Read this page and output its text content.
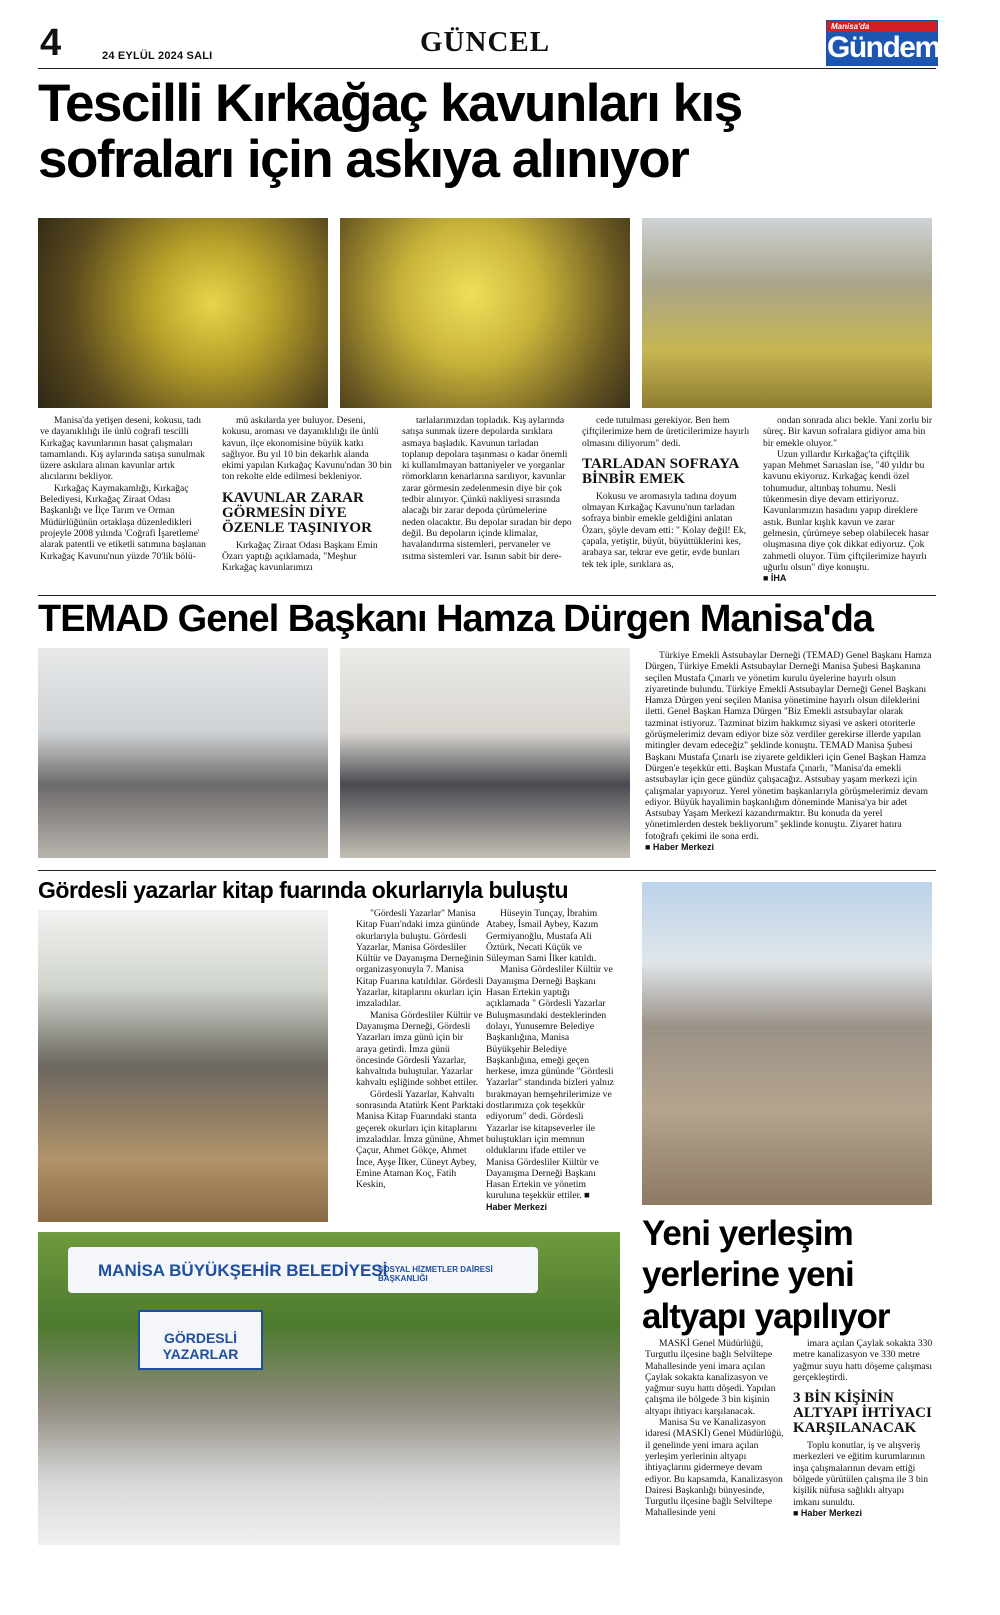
4	24 EYLÜL 2024 SALI	GÜNCEL	Manisa'da
Gündem
Tescilli Kırkağaç kavunları kış sofraları için askıya alınıyor

Manisa'da yetişen deseni, kokusu, tadı ve dayanıklılığı ile ünlü coğrafi tescilli Kırkağaç kavunlarının hasat çalışmaları tamamlandı. Kış aylarında satışa sunulmak üzere askılara alınan kavunlar artık alıcılarını bekliyor.

Kırkağaç Kaymakamlığı, Kırkağaç Belediyesi, Kırkağaç Ziraat Odası Başkanlığı ve İlçe Tarım ve Orman Müdürlüğünün ortaklaşa düzenledikleri projeyle 2008 yılında 'Coğrafi İşaretleme' alarak patentli ve etiketli satımına başlanan Kırkağaç Kavunu'nun yüzde 70'lik bölü-

mü askılarda yer buluyor. Deseni, kokusu, aroması ve dayanıklılığı ile ünlü kavun, ilçe ekonomisine büyük katkı sağlıyor. Bu yıl 10 bin dekarlık alanda ekimi yapılan Kırkağaç Kavunu'ndan 30 bin ton rekolte elde edilmesi bekleniyor.

KAVUNLAR ZARAR GÖRMESİN DİYE ÖZENLE TAŞINIYOR

Kırkağaç Ziraat Odası Başkanı Emin Özarı yaptığı açıklamada, "Meşhur Kırkağaç kavunlarımızı

tarlalarımızdan topladık. Kış aylarında satışa sunmak üzere depolarda sırıklara asmaya başladık. Kavunun tarladan toplanıp depolara taşınması o kadar önemli ki kullanılmayan battaniyeler ve yorganlar römorkların kenarlarına sarılıyor, kavunlar zarar görmesin zedelenmesin diye bir çok tedbir alınıyor. Çünkü nakliyesi sırasında alacağı bir zarar depoda çürümelerine neden olacaktır. Bu depolar sıradan bir depo değil. Bu depoların içinde klimalar, havalandırma sistemleri, pervaneler ve ısıtma sistemleri var. Isının sabit bir dere-

cede tutulması gerekiyor. Ben hem çiftçilerimize hem de üreticilerimize hayırlı olmasını diliyorum" dedi.

TARLADAN SOFRAYA BİNBİR EMEK

Kokusu ve aromasıyla tadına doyum olmayan Kırkağaç Kavunu'nun tarladan sofraya binbir emekle geldiğini anlatan Özarı, şöyle devam etti: " Kolay değil! Ek, çapala, yetiştir, büyüt, büyüttüklerini kes, arabaya sar, tekrar eve getir, evde bunları tek tek iple, sırıklara as,

ondan sonrada alıcı bekle. Yani zorlu bir süreç. Bir kavun sofralara gidiyor ama bin bir emekle oluyor."

Uzun yıllardır Kırkağaç'ta çiftçilik yapan Mehmet Sarıaslan ise, "40 yıldır bu kavunu ekiyoruz. Kırkağaç kendi özel tohumudur, altınbaş tohumu. Nesli tükenmesin diye devam ettiriyoruz. Kavunlarımızın hasadını yapıp direklere astık. Bunlar kışlık kavun ve zarar gelmesin, çürümeye sebep olabilecek hasar oluşmasına diye çok dikkat ediyoruz. Çok zahmetli oluyor. Tüm çiftçilerimize hayırlı uğurlu olsun" diye konuştu.

■ İHA
TEMAD Genel Başkanı Hamza Dürgen Manisa'da

Türkiye Emekli Astsubaylar Derneği (TEMAD) Genel Başkanı Hamza Dürgen, Türkiye Emekli Astsubaylar Derneği Manisa Şubesi Başkanına seçilen Mustafa Çınarlı ve yönetim kurulu üyelerine hayırlı olsun ziyaretinde bulundu. Türkiye Emekli Astsubaylar Derneği Genel Başkanı Hamza Dürgen yeni seçilen Manisa yönetimine hayırlı olsun dileklerini iletti. Genel Başkan Hamza Dürgen "Biz Emekli astsubaylar olarak tazminat istiyoruz. Tazminat bizim hakkımız siyasi ve askeri otoriterle görüşmelerimiz devam ediyor bize söz verdiler gerekirse illerde yapılan mitingler devam edeceğiz" şeklinde konuştu. TEMAD Manisa Şubesi Başkanı Mustafa Çınarlı ise ziyarete geldikleri için Genel Başkan Hamza Dürgen'e teşekkür etti. Başkan Mustafa Çınarlı, "Manisa'da emekli astsubaylar için gece gündüz çalışacağız. Astsubay yaşam merkezi için çalışmalar yapıyoruz. Yerel yönetim başkanlarıyla görüşmelerimiz devam ediyor. Büyük hayalimin başkanlığım döneminde Manisa'ya bir adet Astsubay Yaşam Merkezi kazandırmaktır. Bu konuda da yerel yönetimlerden destek bekliyorum" şeklinde konuştu. Ziyaret hatıra fotoğrafı çekimi ile sona erdi.

■ Haber Merkezi
Gördesli yazarlar kitap fuarında okurlarıyla buluştu

"Gördesli Yazarlar" Manisa Kitap Fuarı'ndaki imza gününde okurlarıyla buluştu. Gördesli Yazarlar, Manisa Gördesliler Kültür ve Dayanışma Derneğinin organizasyonuyla 7. Manisa Kitap Fuarına katıldılar. Gördesli Yazarlar, kitaplarını okurları için imzaladılar.

Manisa Gördesliler Kültür ve Dayanışma Derneği, Gördesli Yazarları imza günü için bir araya getirdi. İmza günü öncesinde Gördesli Yazarlar, kahvaltıda buluştular. Yazarlar kahvaltı eşliğinde sohbet ettiler.

Gördesli Yazarlar, Kahvaltı sonrasında Atatürk Kent Parktaki Manisa Kitap Fuarındaki stanta geçerek okurları için kitaplarını imzaladılar. İmza gününe, Ahmet Çaçur, Ahmet Gökçe, Ahmet İnce, Ayşe İlker, Cüneyt Aybey, Emine Ataman Koç, Fatih Keskin,

Hüseyin Tunçay, İbrahim Atabey, İsmail Aybey, Kazım Germiyanoğlu, Mustafa Ali Öztürk, Necati Küçük ve Süleyman Sami İlker katıldı.

Manisa Gördesliler Kültür ve Dayanışma Derneği Başkanı Hasan Ertekin yaptığı açıklamada " Gördesli Yazarlar Buluşmasındaki desteklerinden dolayı, Yunusemre Belediye Başkanlığına, Manisa Büyükşehir Belediye Başkanlığına, emeği geçen herkese, imza gününde "Gördesli Yazarlar" standında bizleri yalnız bırakmayan hemşehrilerimize ve dostlarımıza çok teşekkür ediyorum" dedi. Gördesli Yazarlar ise kitapseverler ile buluştukları için memnun olduklarını ifade ettiler ve Manisa Gördesliler Kültür ve Dayanışma Derneği Başkanı Hasan Ertekin ve yönetim kuruluna teşekkür ettiler. ■

Haber Merkezi
MANİSA BÜYÜKŞEHİR BELEDİYESİ
SOSYAL HİZMETLER DAİRESİ BAŞKANLIĞI
GÖRDESLİ YAZARLAR
Yeni yerleşim yerlerine yeni altyapı yapılıyor

MASKİ Genel Müdürlüğü, Turgutlu ilçesine bağlı Selviltepe Mahallesinde yeni imara açılan Çaylak sokakta kanalizasyon ve yağmur suyu hattı döşedi. Yapılan çalışma ile bölgede 3 bin kişinin altyapı ihtiyacı karşılanacak.

Manisa Su ve Kanalizasyon idaresi (MASKİ) Genel Müdürlüğü, il genelinde yeni imara açılan yerleşim yerlerinin altyapı ihtiyaçlarını gidermeye devam ediyor. Bu kapsamda, Kanalizasyon Dairesi Başkanlığı bünyesinde, Turgutlu ilçesine bağlı Selviltepe Mahallesinde yeni

imara açılan Çaylak sokakta 330 metre kanalizasyon ve 330 metre yağmur suyu hattı döşeme çalışması gerçekleştirdi.

3 BİN KİŞİNİN ALTYAPI İHTİYACI KARŞILANACAK

Toplu konutlar, iş ve alışveriş merkezleri ve eğitim kurumlarının inşa çalışmalarının devam ettiği bölgede yürütülen çalışma ile 3 bin kişilik nüfusa sağlıklı altyapı imkanı sunuldu.

■ Haber Merkezi
